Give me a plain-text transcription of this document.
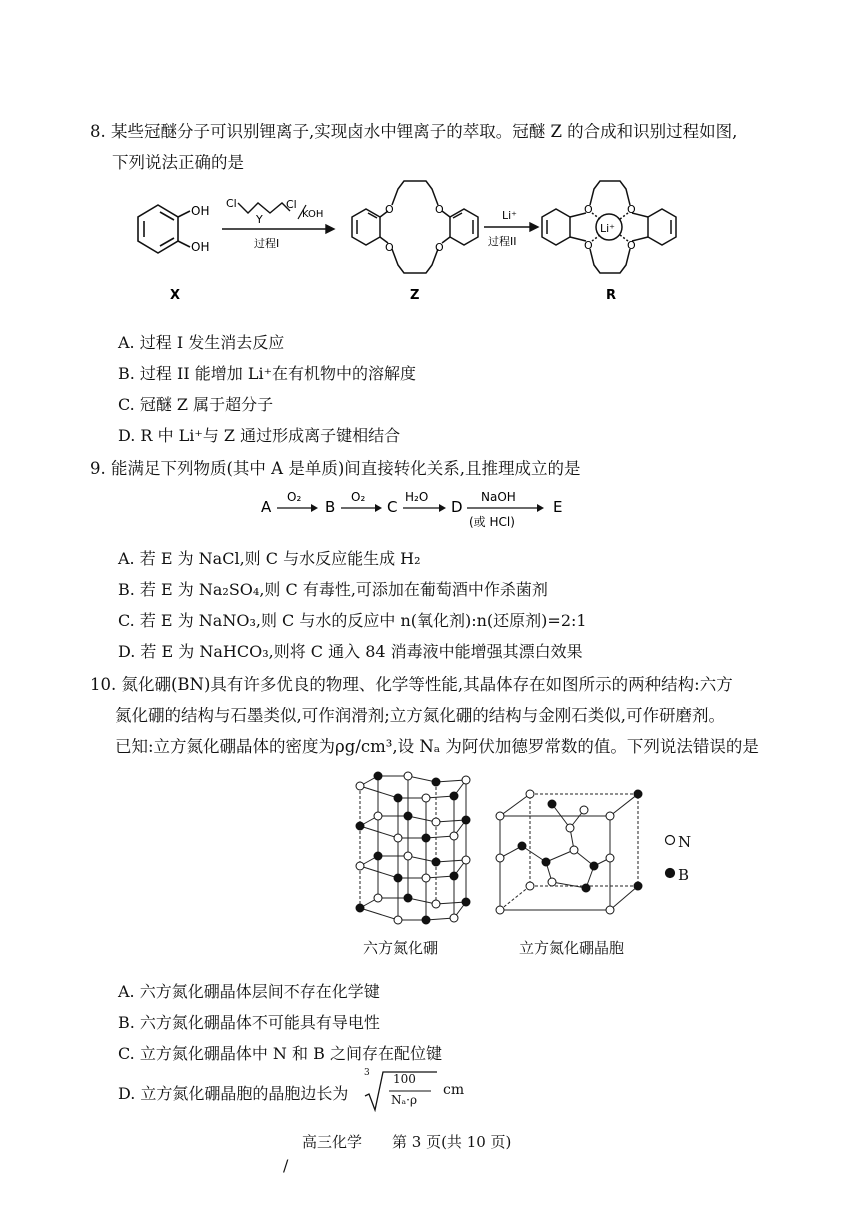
8. 某些冠醚分子可识别锂离子,实现卤水中锂离子的萃取。冠醚 Z 的合成和识别过程如图,
下列说法正确的是
OH
OH
X
Cl
Y
Cl
KOH
过程I
O	O
O	O
Z
Li⁺
过程II
O	O
O	O
Li⁺
R
A. 过程 I 发生消去反应
B. 过程 II 能增加 Li⁺在有机物中的溶解度
C. 冠醚 Z 属于超分子
D. R 中 Li⁺与 Z 通过形成离子键相结合
9. 能满足下列物质(其中 A 是单质)间直接转化关系,且推理成立的是
A
O₂
B
O₂
C
H₂O
D
NaOH
(或 HCl)
E
A. 若 E 为 NaCl,则 C 与水反应能生成 H₂
B. 若 E 为 Na₂SO₄,则 C 有毒性,可添加在葡萄酒中作杀菌剂
C. 若 E 为 NaNO₃,则 C 与水的反应中 n(氧化剂):n(还原剂)=2:1
D. 若 E 为 NaHCO₃,则将 C 通入 84 消毒液中能增强其漂白效果
10. 氮化硼(BN)具有许多优良的物理、化学等性能,其晶体存在如图所示的两种结构:六方
氮化硼的结构与石墨类似,可作润滑剂;立方氮化硼的结构与金刚石类似,可作研磨剂。
已知:立方氮化硼晶体的密度为ρg/cm³,设 Nₐ 为阿伏加德罗常数的值。下列说法错误的是
N
B
六方氮化硼	立方氮化硼晶胞
A. 六方氮化硼晶体层间不存在化学键
B. 六方氮化硼晶体不可能具有导电性
C. 立方氮化硼晶体中 N 和 B 之间存在配位键
D. 立方氮化硼晶胞的晶胞边长为
3 100
Nₐ·ρ
cm
高三化学　　第 3 页(共 10 页)
/
